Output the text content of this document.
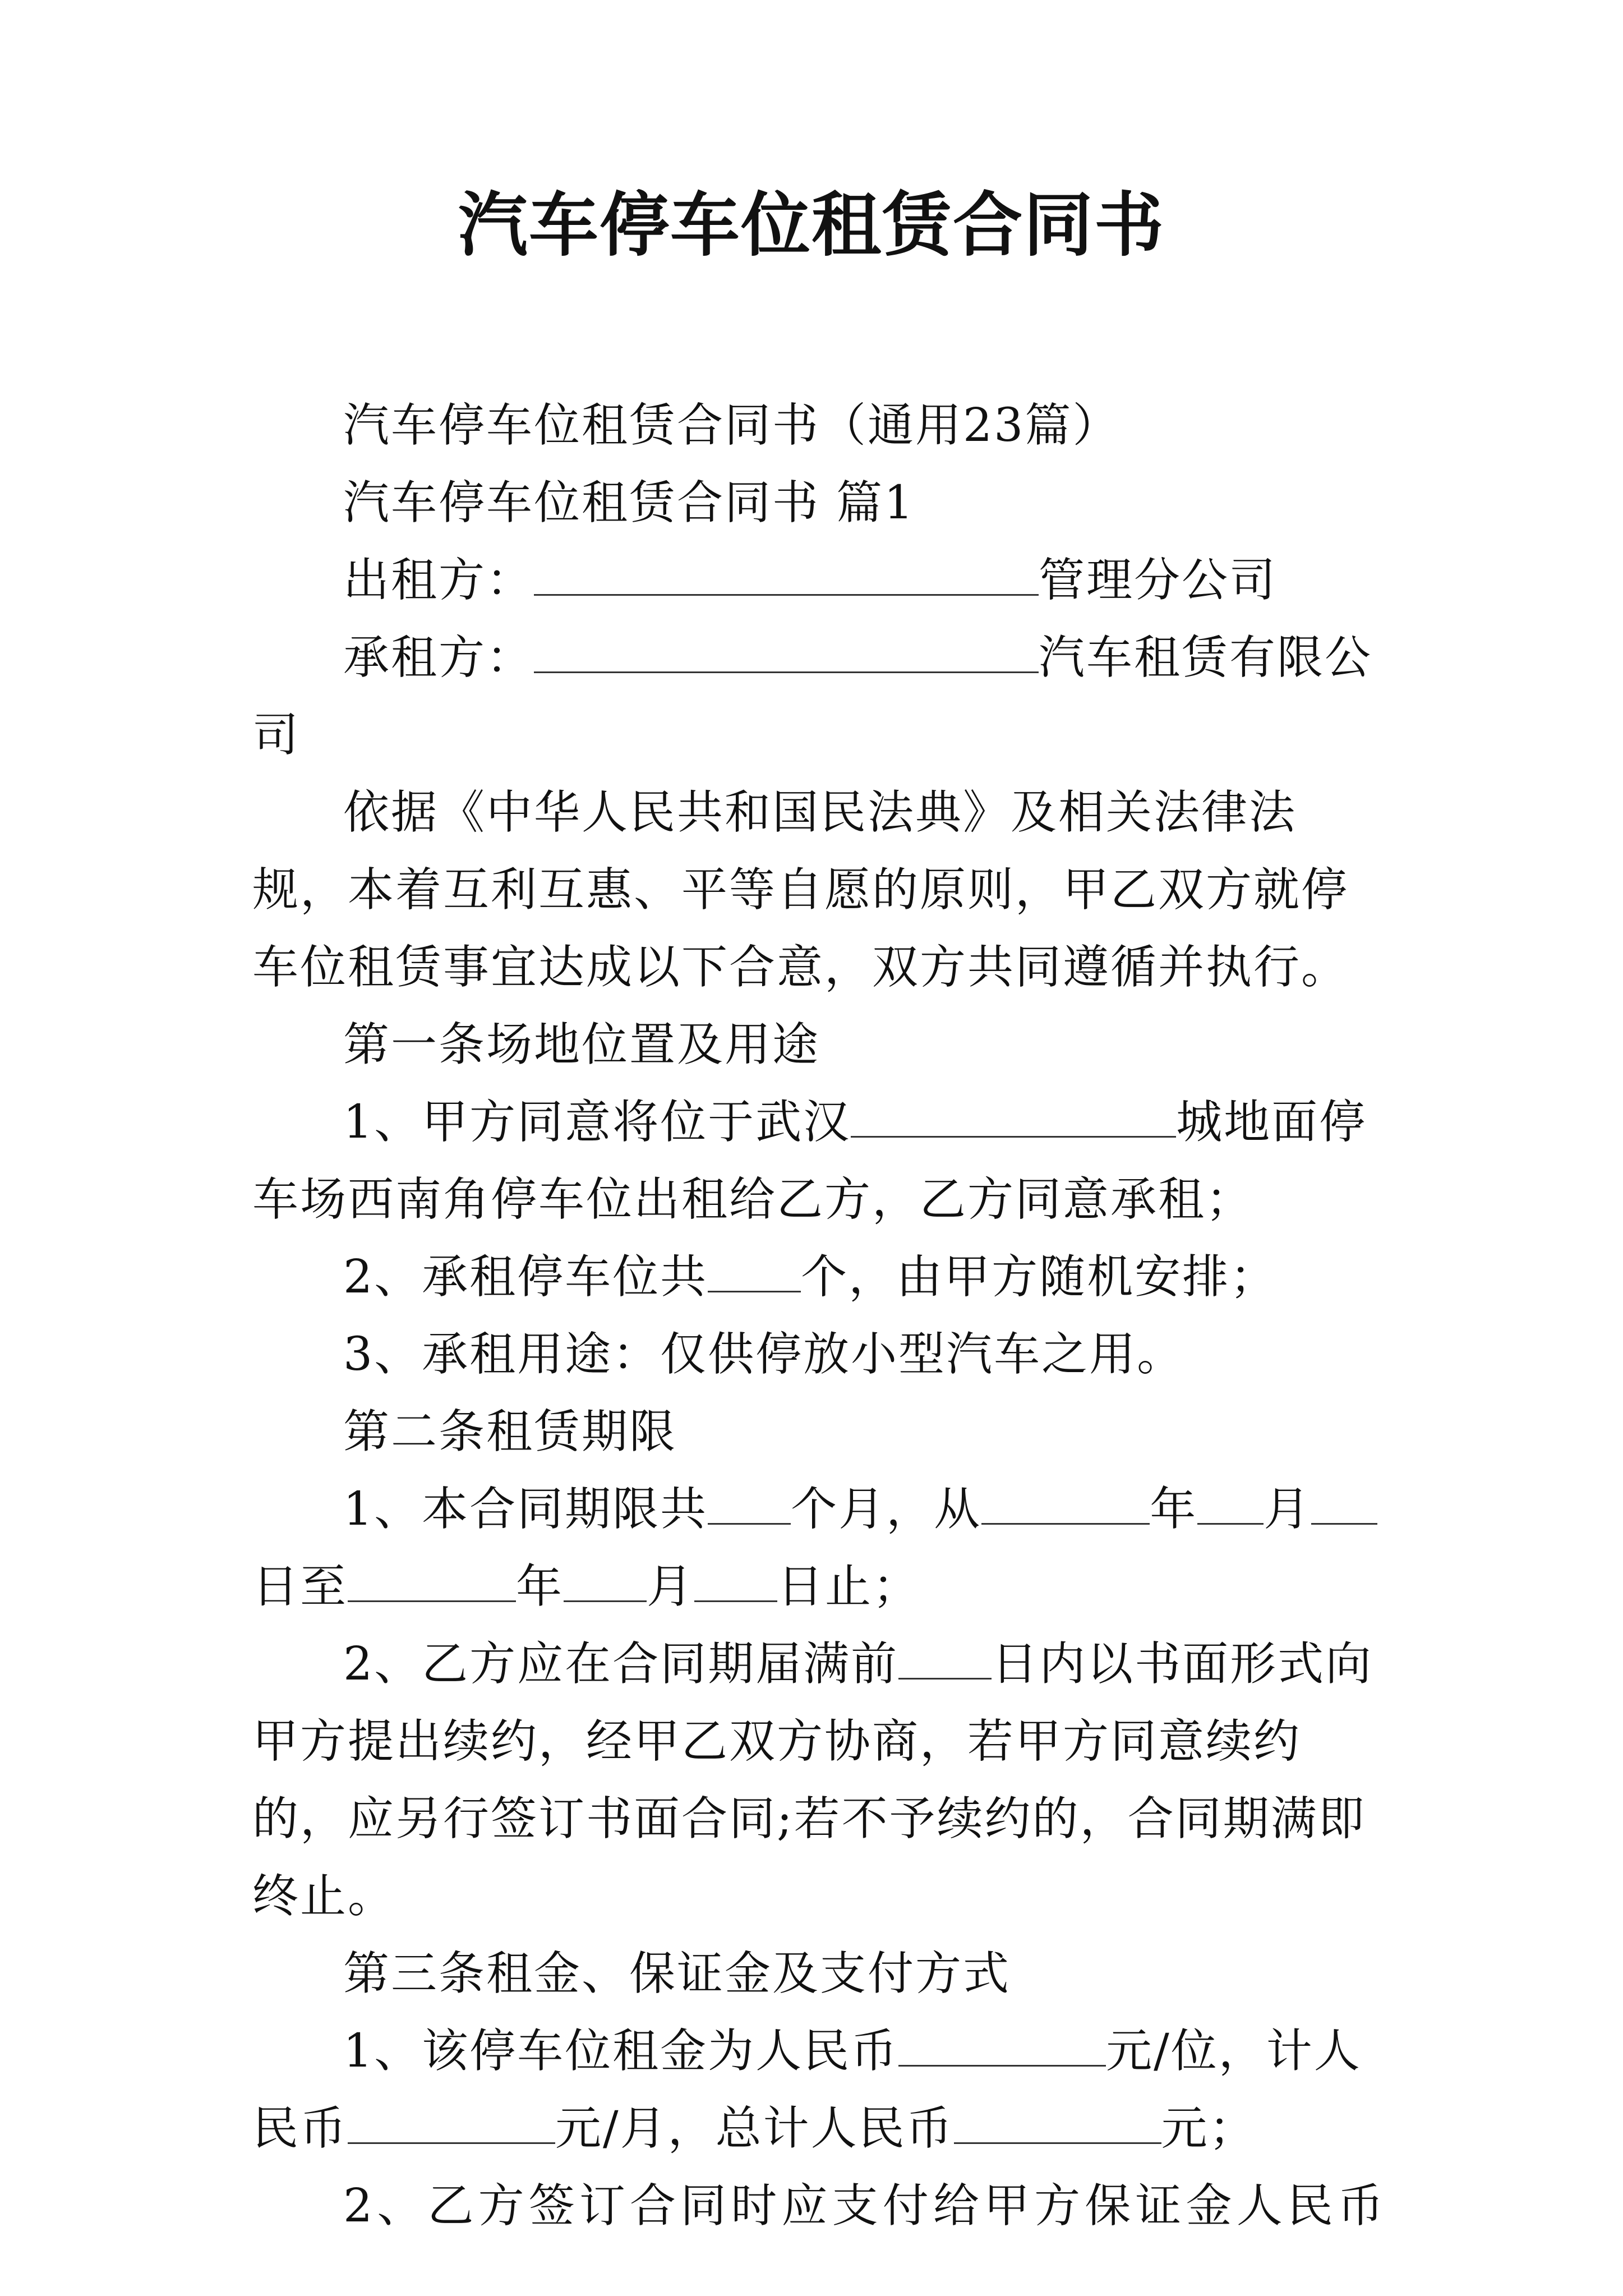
汽车停车位租赁合同书

汽车停车位租赁合同书（通用23篇）

汽车停车位租赁合同书 篇1

出租方：	管理分公司

承租方：	汽车租赁有限公司

依据《中华人民共和国民法典》及相关法律法规，本着互利互惠、平等自愿的原则，甲乙双方就停车位租赁事宜达成以下合意，双方共同遵循并执行。

第一条场地位置及用途

1、甲方同意将位于武汉	城地面停车场西南角停车位出租给乙方，乙方同意承租；

2、承租停车位共 个，由甲方随机安排；

3、承租用途：仅供停放小型汽车之用。

第二条租赁期限

1、本合同期限共 个月，从	年 月日至	年 月 日止；

2、乙方应在合同期届满前 日内以书面形式向甲方提出续约，经甲乙双方协商，若甲方同意续约的，应另行签订书面合同;若不予续约的，合同期满即终止。

第三条租金、保证金及支付方式

1、该停车位租金为人民币	元/位，计人民币	元/月，总计人民币	元；

2、乙方签订合同时应支付给甲方保证金人民币
